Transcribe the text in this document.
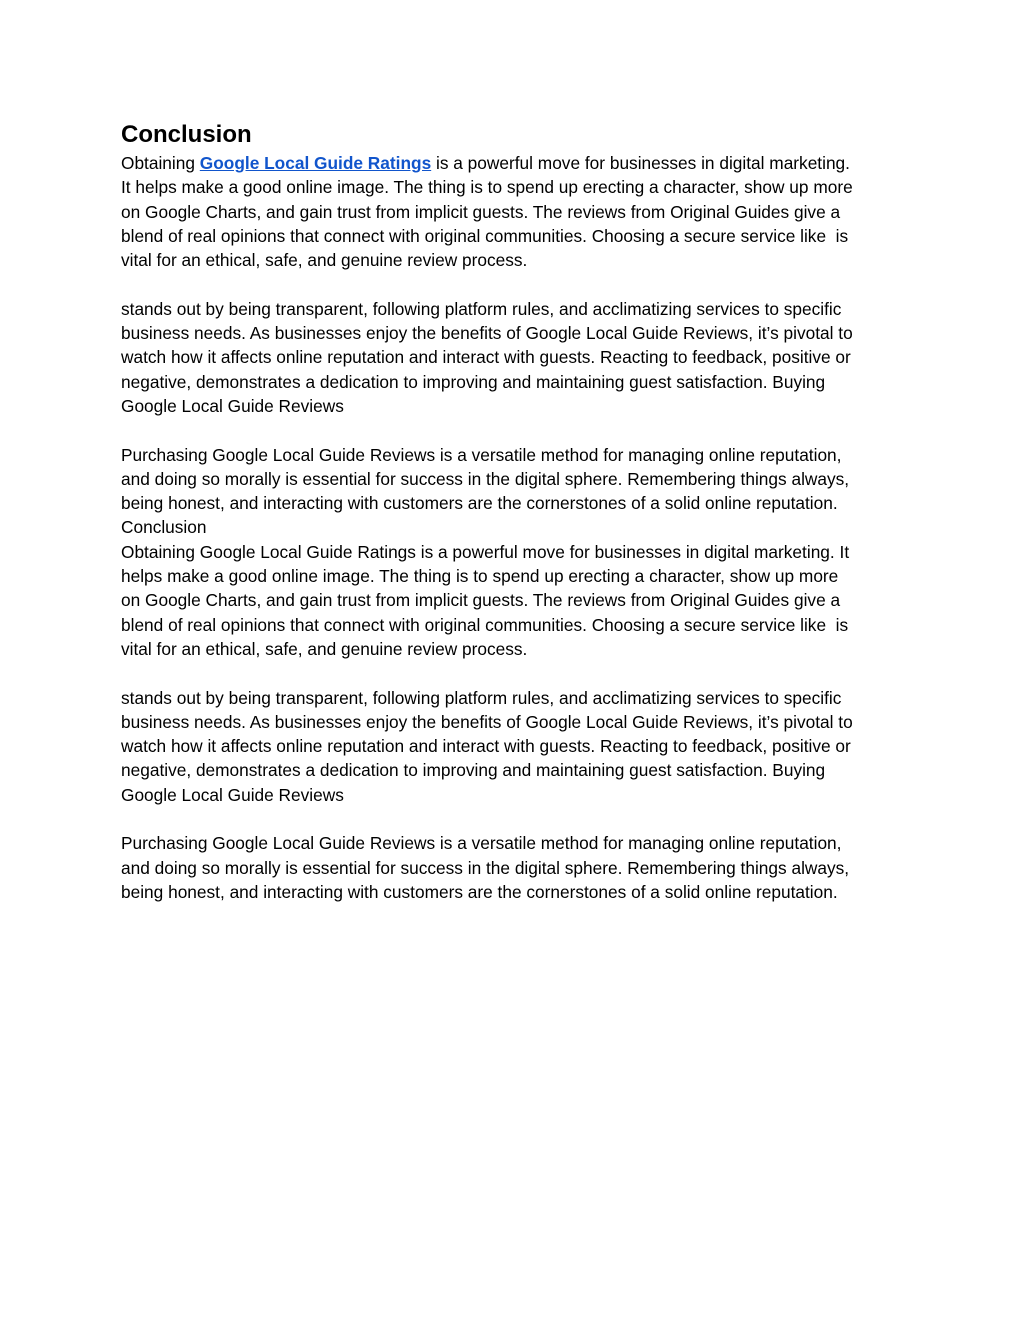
Conclusion
Obtaining Google Local Guide Ratings is a powerful move for businesses in digital marketing.
It helps make a good online image. The thing is to spend up erecting a character, show up more
on Google Charts, and gain trust from implicit guests. The reviews from Original Guides give a
blend of real opinions that connect with original communities. Choosing a secure service like  is
vital for an ethical, safe, and genuine review process.
stands out by being transparent, following platform rules, and acclimatizing services to specific
business needs. As businesses enjoy the benefits of Google Local Guide Reviews, it’s pivotal to
watch how it affects online reputation and interact with guests. Reacting to feedback, positive or
negative, demonstrates a dedication to improving and maintaining guest satisfaction. Buying
Google Local Guide Reviews
Purchasing Google Local Guide Reviews is a versatile method for managing online reputation,
and doing so morally is essential for success in the digital sphere. Remembering things always,
being honest, and interacting with customers are the cornerstones of a solid online reputation.
Conclusion
Obtaining Google Local Guide Ratings is a powerful move for businesses in digital marketing. It
helps make a good online image. The thing is to spend up erecting a character, show up more
on Google Charts, and gain trust from implicit guests. The reviews from Original Guides give a
blend of real opinions that connect with original communities. Choosing a secure service like  is
vital for an ethical, safe, and genuine review process.
stands out by being transparent, following platform rules, and acclimatizing services to specific
business needs. As businesses enjoy the benefits of Google Local Guide Reviews, it’s pivotal to
watch how it affects online reputation and interact with guests. Reacting to feedback, positive or
negative, demonstrates a dedication to improving and maintaining guest satisfaction. Buying
Google Local Guide Reviews
Purchasing Google Local Guide Reviews is a versatile method for managing online reputation,
and doing so morally is essential for success in the digital sphere. Remembering things always,
being honest, and interacting with customers are the cornerstones of a solid online reputation.
